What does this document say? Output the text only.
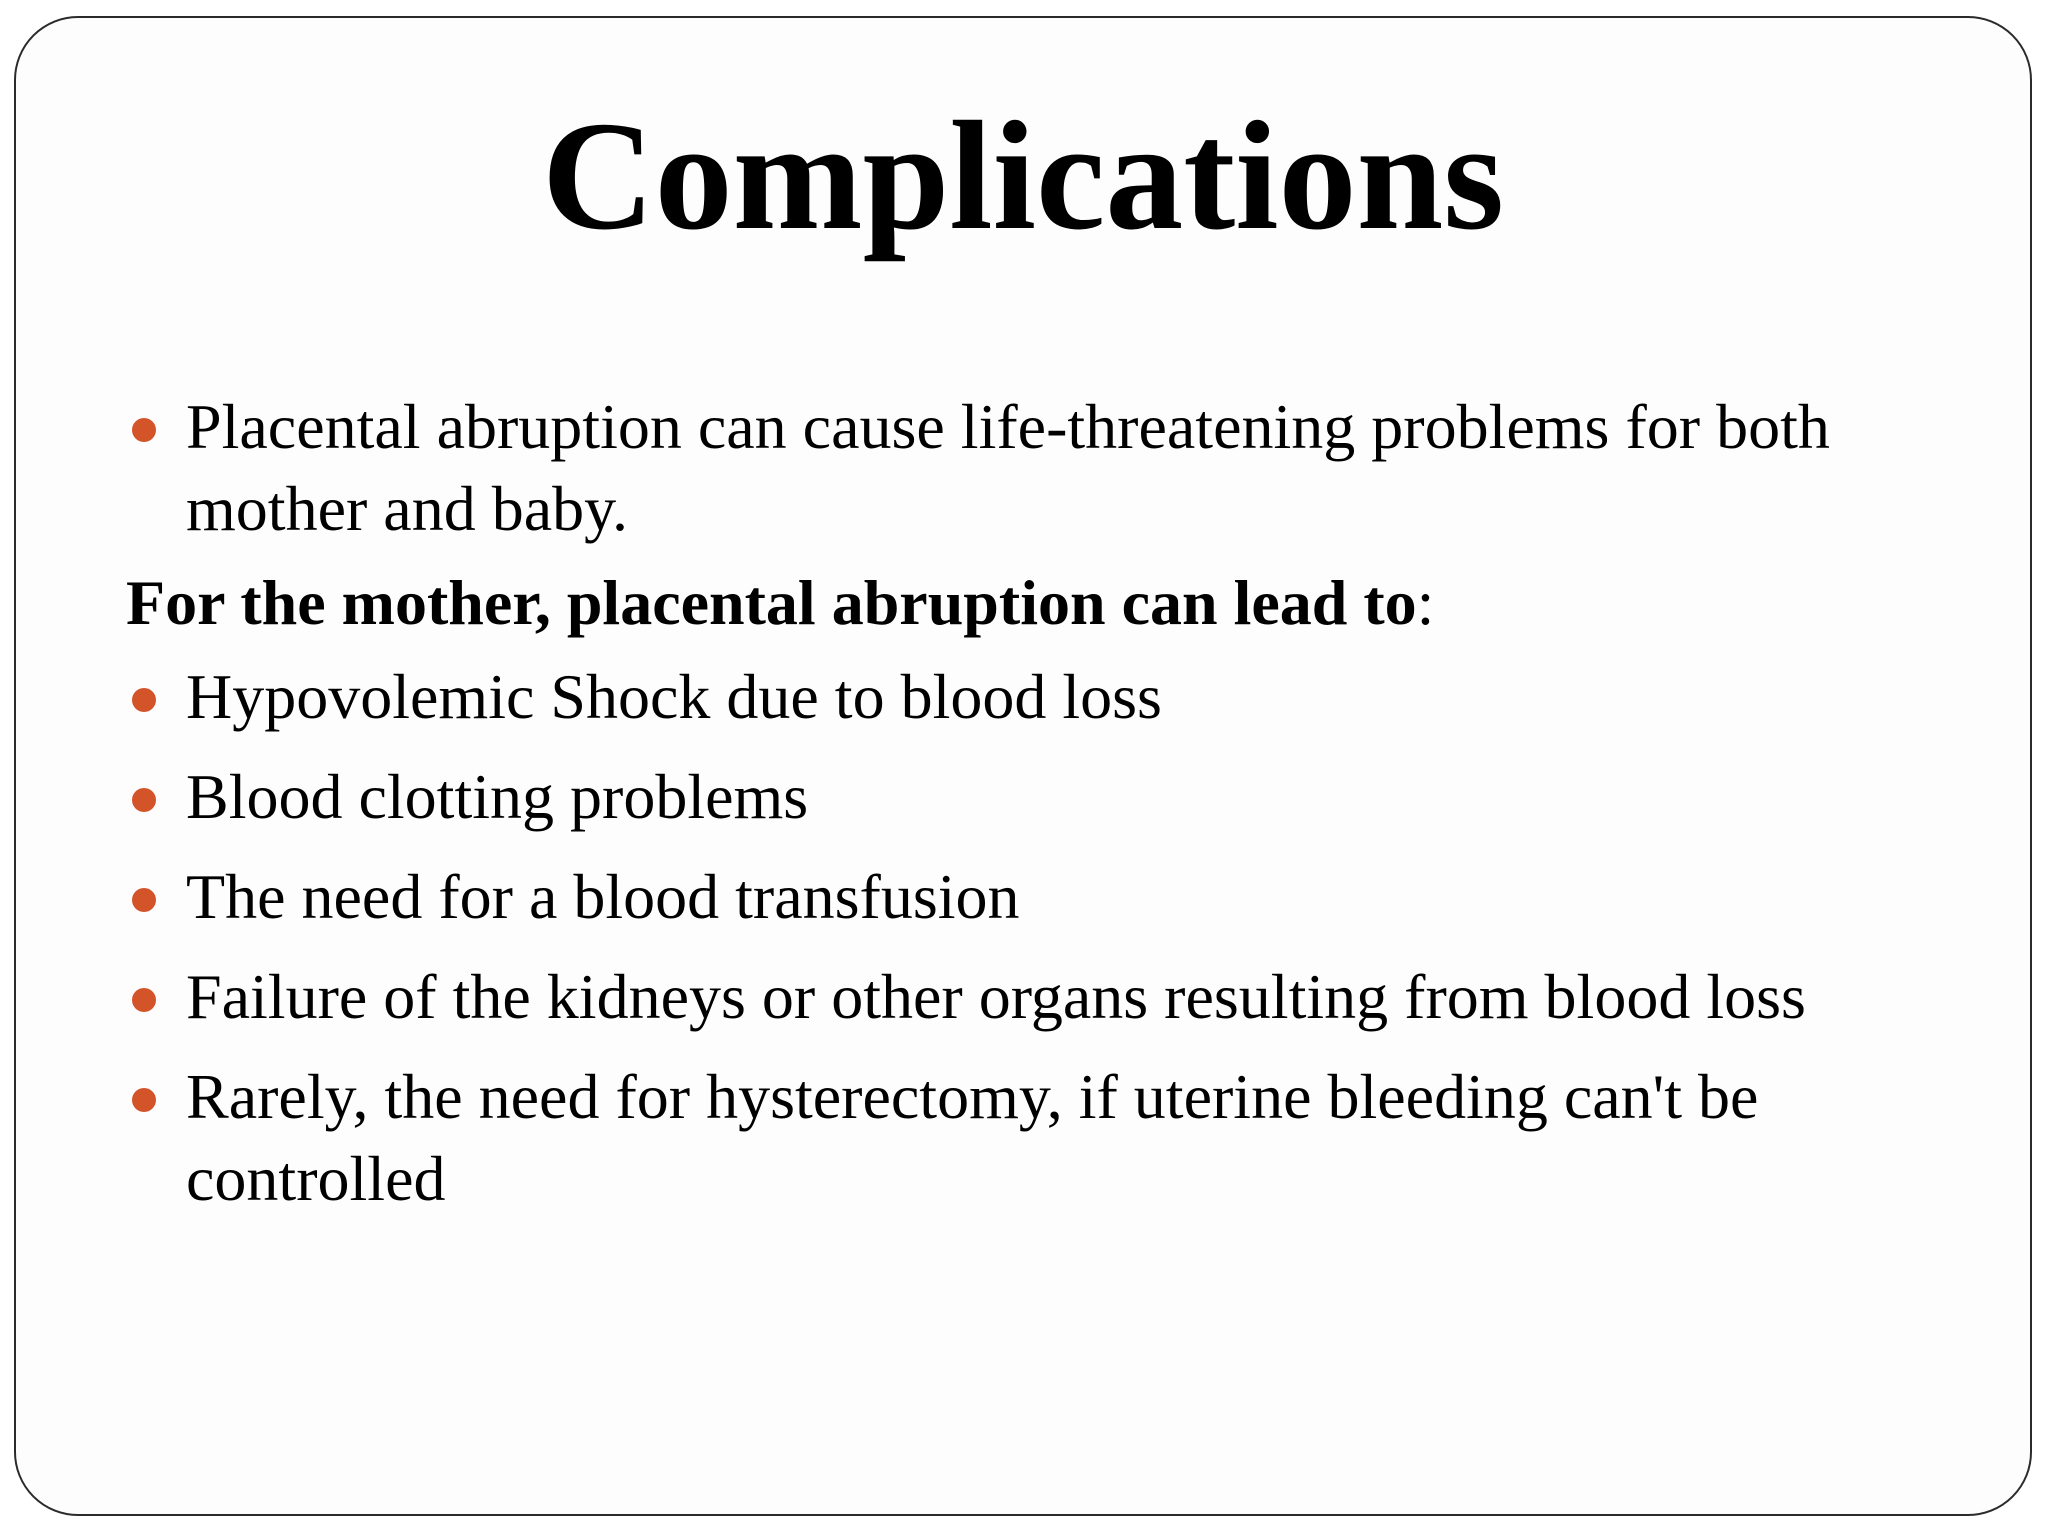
Complications
Placental abruption can cause life-threatening problems for both mother and baby.
For the mother, placental abruption can lead to:
Hypovolemic Shock due to blood loss
Blood clotting problems
The need for a blood transfusion
Failure of the kidneys or other organs resulting from blood loss
Rarely, the need for hysterectomy, if uterine bleeding can't be controlled
